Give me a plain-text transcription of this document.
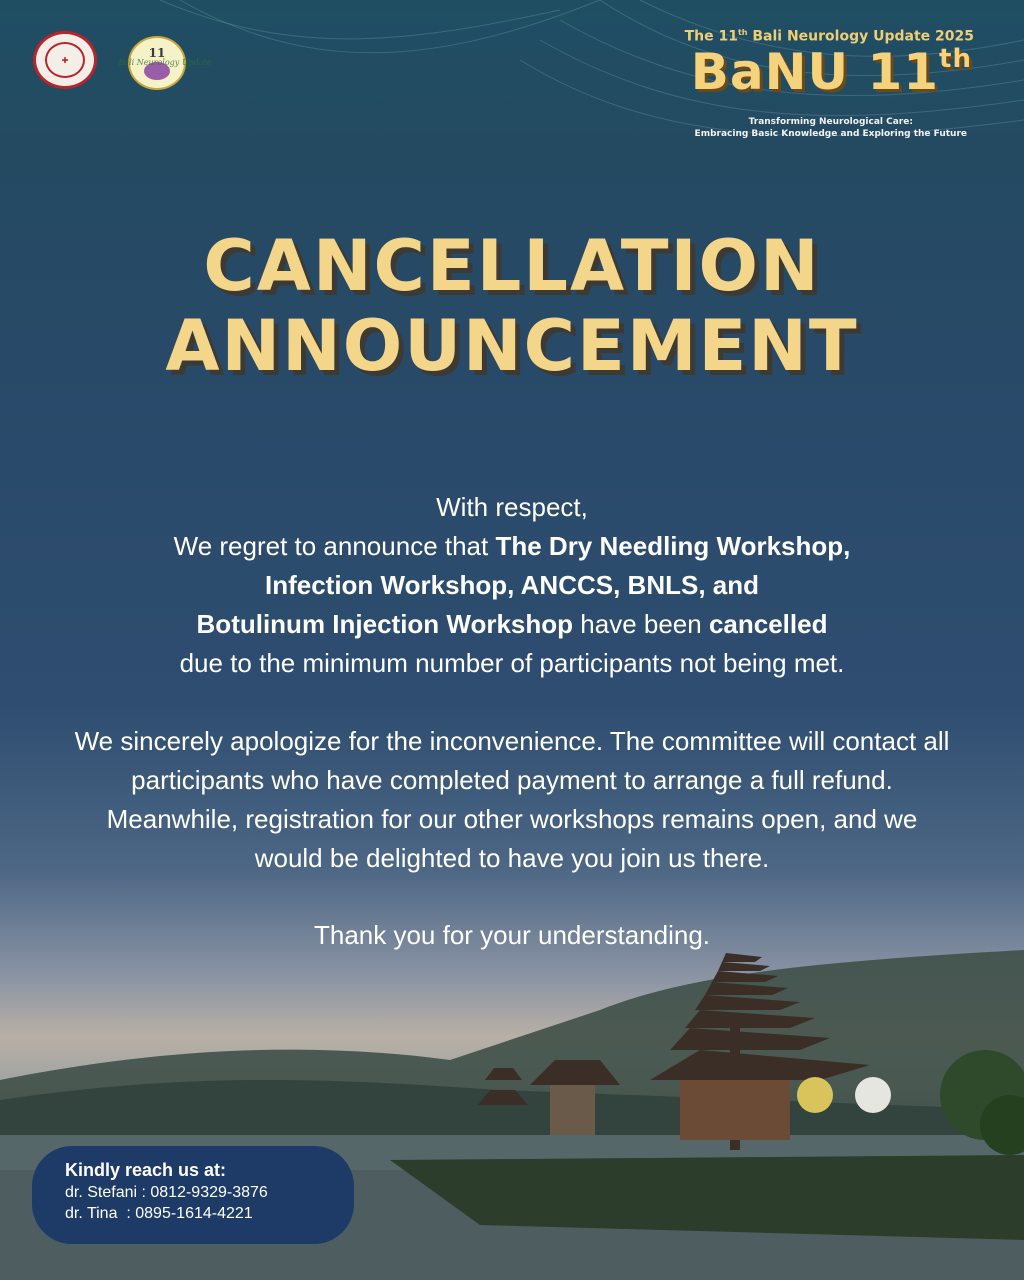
✚	11
Bali Neurology Update
The 11th Bali Neurology Update 2025
BaNU 11th
Transforming Neurological Care:
Embracing Basic Knowledge and Exploring the Future
CANCELLATION
ANNOUNCEMENT
With respect,
We regret to announce that The Dry Needling Workshop,
Infection Workshop, ANCCS, BNLS, and
Botulinum Injection Workshop have been cancelled
due to the minimum number of participants not being met.
We sincerely apologize for the inconvenience. The committee will contact all participants who have completed payment to arrange a full refund. Meanwhile, registration for our other workshops remains open, and we would be delighted to have you join us there.
Thank you for your understanding.
Kindly reach us at:
dr. Stefani : 0812-9329-3876
dr. Tina  : 0895-1614-4221
